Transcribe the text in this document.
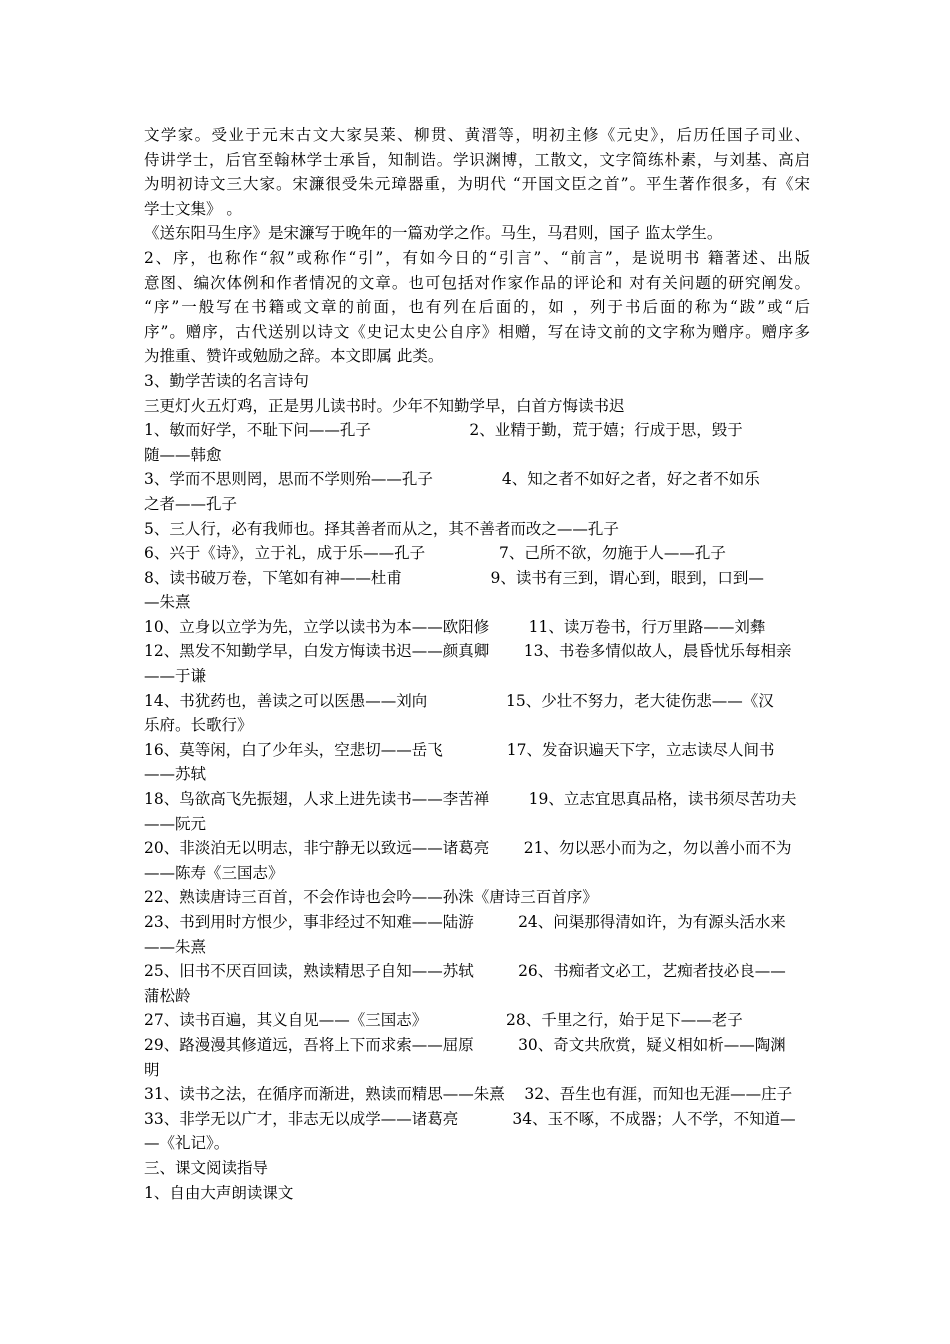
文学家。受业于元末古文大家吴莱、柳贯、黄溍等，明初主修《元史》，后历任国子司业、
侍讲学士，后官至翰林学士承旨，知制诰。学识渊博，工散文，文字简练朴素，与刘基、高启
为明初诗文三大家。宋濂很受朱元璋器重，为明代 “开国文臣之首”。平生著作很多，有《宋
学士文集》 。
《送东阳马生序》是宋濂写于晚年的一篇劝学之作。马生，马君则，国子 监太学生。
2、序，也称作“叙”或称作“引”，有如今日的“引言”、“前言”，是说明书 籍著述、出版
意图、编次体例和作者情况的文章。也可包括对作家作品的评论和 对有关问题的研究阐发。
“序”一般写在书籍或文章的前面，也有列在后面的，如 ，列于书后面的称为“跋”或“后
序”。赠序，古代送别以诗文《史记太史公自序》相赠，写在诗文前的文字称为赠序。赠序多
为推重、赞许或勉励之辞。本文即属 此类。
3、勤学苦读的名言诗句
三更灯火五灯鸡，正是男儿读书时。少年不知勤学早，白首方悔读书迟
1、敏而好学，不耻下问——孔子                    2、业精于勤，荒于嬉；行成于思，毁于
随——韩愈
3、学而不思则罔，思而不学则殆——孔子              4、知之者不如好之者，好之者不如乐
之者——孔子
5、三人行，必有我师也。择其善者而从之，其不善者而改之——孔子
6、兴于《诗》，立于礼，成于乐——孔子               7、己所不欲，勿施于人——孔子
8、读书破万卷，下笔如有神——杜甫                  9、读书有三到，谓心到，眼到，口到—
—朱熹
10、立身以立学为先，立学以读书为本——欧阳修        11、读万卷书，行万里路——刘彝
12、黑发不知勤学早，白发方悔读书迟——颜真卿       13、书卷多情似故人，晨昏忧乐每相亲
——于谦
14、书犹药也，善读之可以医愚——刘向                15、少壮不努力，老大徒伤悲——《汉
乐府。长歌行》
16、莫等闲，白了少年头，空悲切——岳飞             17、发奋识遍天下字，立志读尽人间书
——苏轼
18、鸟欲高飞先振翅，人求上进先读书——李苦禅        19、立志宜思真品格，读书须尽苦功夫
——阮元
20、非淡泊无以明志，非宁静无以致远——诸葛亮       21、勿以恶小而为之，勿以善小而不为
——陈寿《三国志》
22、熟读唐诗三百首，不会作诗也会吟——孙洙《唐诗三百首序》
23、书到用时方恨少，事非经过不知难——陆游         24、问渠那得清如许，为有源头活水来
——朱熹
25、旧书不厌百回读，熟读精思子自知——苏轼         26、书痴者文必工，艺痴者技必良——
蒲松龄
27、读书百遍，其义自见——《三国志》                28、千里之行，始于足下——老子
29、路漫漫其修道远，吾将上下而求索——屈原         30、奇文共欣赏，疑义相如析——陶渊
明
31、读书之法，在循序而渐进，熟读而精思——朱熹    32、吾生也有涯，而知也无涯——庄子
33、非学无以广才，非志无以成学——诸葛亮           34、玉不啄，不成器；人不学，不知道—
—《礼记》。
三、课文阅读指导
1、自由大声朗读课文
